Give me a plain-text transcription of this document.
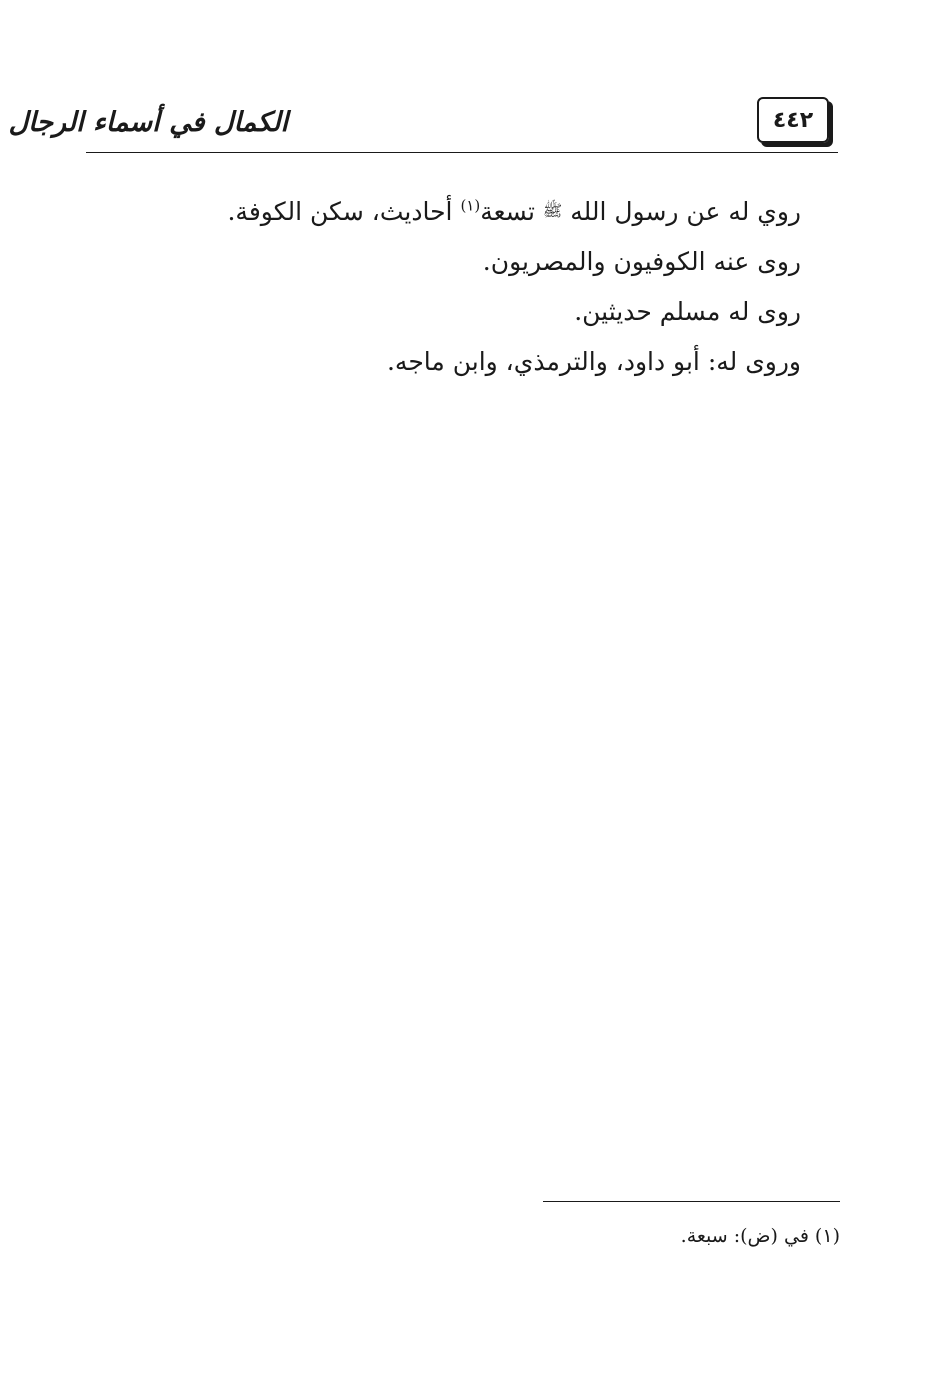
الكمال في أسماء الرجال	٤٤٢
روي له عن رسول الله ﷺ تسعة$^{(١)}$ أحاديث، سكن الكوفة.
روى عنه الكوفيون والمصريون.
روى له مسلم حديثين.
وروى له: أبو داود، والترمذي، وابن ماجه.
(١) في (ض): سبعة.
